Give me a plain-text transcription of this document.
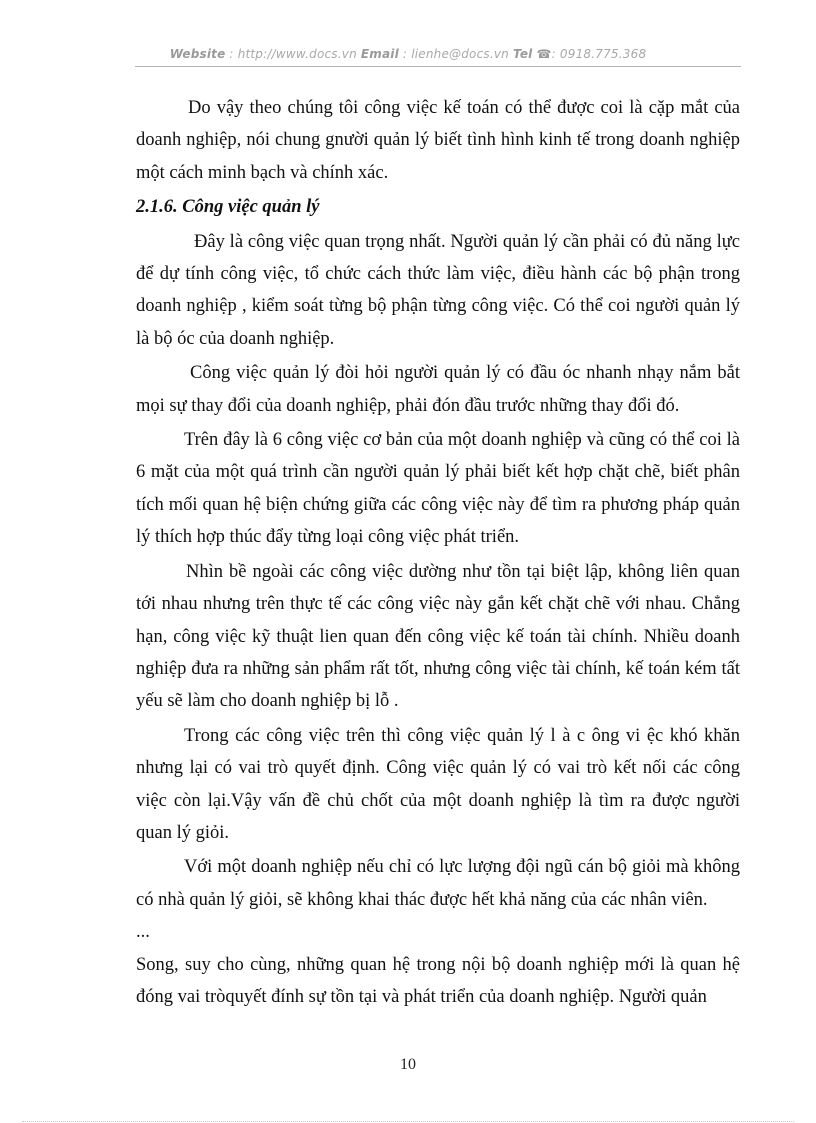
Website : http://www.docs.vn Email : lienhe@docs.vn Tel ☎: 0918.775.368

Do vậy theo chúng tôi công việc kế toán có thể được coi là cặp mắt của doanh nghiệp, nói chung gnười quản lý biết tình hình kinh tế trong doanh nghiệp một cách minh bạch và chính xác.

2.1.6. Công việc quản lý

Đây là công việc quan trọng nhất. Người quản lý cần phải có đủ năng lực để dự tính công việc, tổ chức cách thức làm việc, điều hành các bộ phận trong doanh nghiệp , kiểm soát từng bộ phận từng công việc. Có thể coi người quản lý là bộ óc của doanh nghiệp.

Công việc quản lý đòi hỏi người quản lý có đầu óc nhanh nhạy nắm bắt mọi sự thay đổi của doanh nghiệp, phải đón đầu trước những thay đổi đó.

Trên đây là 6 công việc cơ bản của một doanh nghiệp và cũng có thể coi là 6 mặt của một quá trình cần người quản lý phải biết kết hợp chặt chẽ, biết phân tích mối quan hệ biện chứng giữa các công việc này để tìm ra phương pháp quản lý thích hợp thúc đẩy từng loại công việc phát triển.

Nhìn bề ngoài các công việc dường như tồn tại biệt lập, không liên quan tới nhau nhưng trên thực tế các công việc này gắn kết chặt chẽ với nhau. Chẳng hạn, công việc kỹ thuật lien quan đến công việc kế toán tài chính. Nhiều doanh nghiệp đưa ra những sản phẩm rất tốt, nhưng công việc tài chính, kế toán kém tất yếu sẽ làm cho doanh nghiệp bị lỗ .

Trong các công việc trên thì công việc quản lý l à c ông vi ệc khó khăn nhưng lại có vai trò quyết định. Công việc quản lý có vai trò kết nối các công việc còn lại.Vậy vấn đề chủ chốt của một doanh nghiệp là tìm ra được người quan lý giỏi.

Với một doanh nghiệp nếu chỉ có lực lượng đội ngũ cán bộ giỏi mà không có nhà quản lý giỏi, sẽ không khai thác được hết khả năng của các nhân viên.

...

Song, suy cho cùng, những quan hệ trong nội bộ doanh nghiệp mới là quan hệ đóng vai tròquyết đính sự tồn tại và phát triển của doanh nghiệp. Người quản

10
